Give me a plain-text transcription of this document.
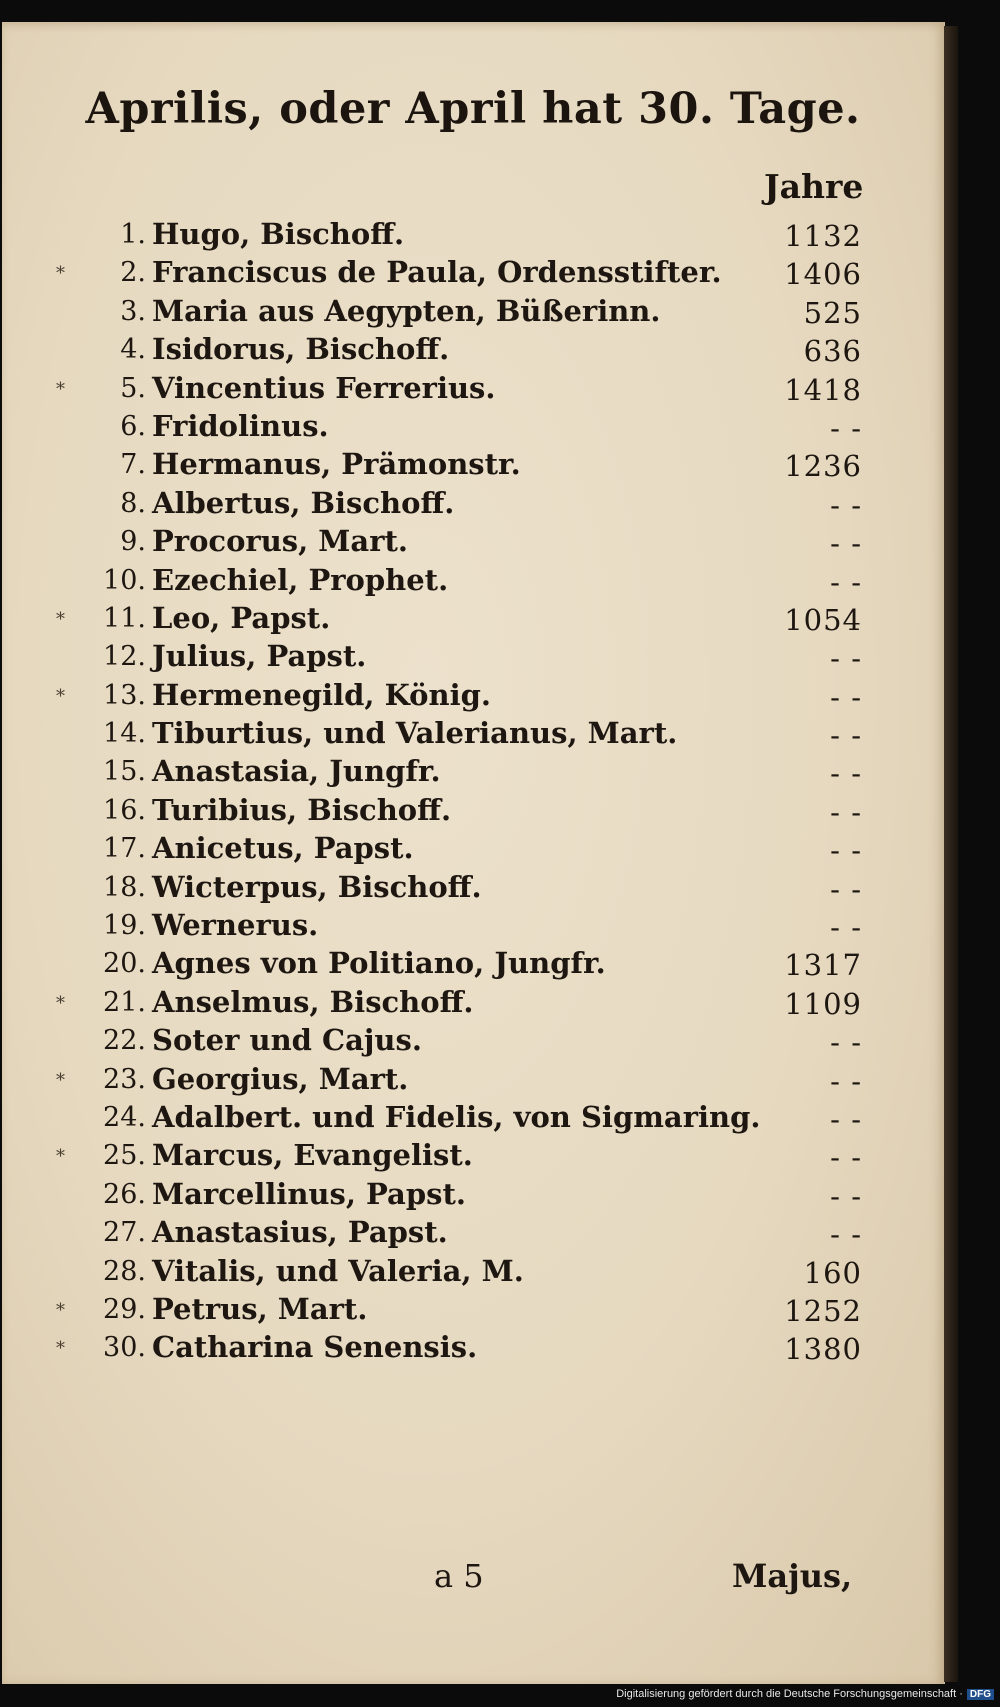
Aprilis, oder April hat 30. Tage.
Jahre
1. Hugo, Bischoff.	1132
*	2. Franciscus de Paula, Ordensstifter.	1406
3. Maria aus Aegypten, Büßerinn.	525
4. Isidorus, Bischoff.	636
*	5. Vincentius Ferrerius.	1418
6. Fridolinus.	- -
7. Hermanus, Prämonstr.	1236
8. Albertus, Bischoff.	- -
9. Procorus, Mart.	- -
10. Ezechiel, Prophet.	- -
*	11. Leo, Papst.	1054
12. Julius, Papst.	- -
*	13. Hermenegild, König.	- -
14. Tiburtius, und Valerianus, Mart.	- -
15. Anastasia, Jungfr.	- -
16. Turibius, Bischoff.	- -
17. Anicetus, Papst.	- -
18. Wicterpus, Bischoff.	- -
19. Wernerus.	- -
20. Agnes von Politiano, Jungfr.	1317
*	21. Anselmus, Bischoff.	1109
22. Soter und Cajus.	- -
*	23. Georgius, Mart.	- -
24. Adalbert. und Fidelis, von Sigmaring.	- -
*	25. Marcus, Evangelist.	- -
26. Marcellinus, Papst.	- -
27. Anastasius, Papst.	- -
28. Vitalis, und Valeria, M.	160
*	29. Petrus, Mart.	1252
*	30. Catharina Senensis.	1380
a 5	Majus,
Digitalisierung gefördert durch die Deutsche Forschungsgemeinschaft · DFG
